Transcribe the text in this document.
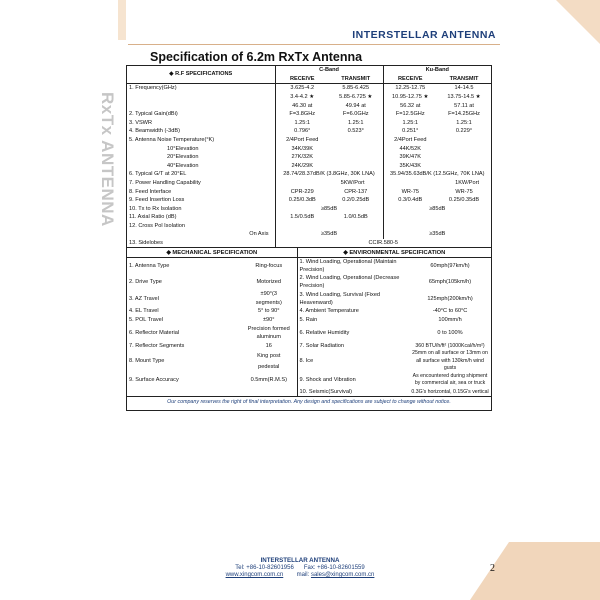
INTERSTELLAR ANTENNA
RxTx ANTENNA
Specification of 6.2m RxTx Antenna
◆ R.F SPECIFICATIONS	C-Band		Ku-Band	
	RECEIVE	TRANSMIT	RECEIVE	TRANSMIT
1. Frequency(GHz)	3.625-4.2	5.85-6.425	12.25-12.75	14-14.5
	3.4-4.2 ★	5.85-6.725 ★	10.95-12.75 ★	13.75-14.5 ★
	46.30 at	49.94 at	56.32 at	57.11 at
2. Typical Gain(dBi)	F=3.8GHz	F=6.0GHz	F=12.5GHz	F=14.25GHz
3. VSWR	1.25:1	1.25:1	1.25:1	1.25:1
4. Beamwidth (-3dB)	0.796°	0.523°	0.251°	0.229°
5. Antenna Noise Temperature(°K)	2/4Port Feed		2/4Port Feed	
10°Elevation	34K/39K		44K/52K	
20°Elevation	27K/32K		39K/47K	
40°Elevation	24K/29K		35K/43K	
6. Typical G/T at 20°EL	28.74/28.37dB/K (3.8GHz, 30K LNA)		35.94/35.63dB/K (12.5GHz, 70K LNA)	
7. Power Handling Capability	5KW/Port		1KW/Port	
8. Feed Interface	CPR-229	CPR-137	WR-75	WR-75
9. Feed Insertion Loss	0.25/0.3dB	0.2/0.25dB	0.3/0.4dB	0.25/0.35dB
10. Tx to Rx Isolation	≥85dB		≥85dB	
11. Axial Ratio (dB)	1.5/0.5dB	1.0/0.5dB		
12. Cross Pol Isolation				
On Axis	≥35dB		≥35dB	
13. Sidelobes	CCIR.580-5			
◆ MECHANICAL SPECIFICATION		◆ ENVIRONMENTAL SPECIFICATION	
1. Antenna Type	Ring-focus	1. Wind Loading, Operational (Maintain Precision)	60mph(97km/h)

2. Drive Type	Motorized	2. Wind Loading, Operational (Decrease Precision)	65mph(105km/h)

3. AZ Travel	±90°(3	3. Wind Loading, Survival (Fixed Heavenward)	125mph(200km/h)
	segments)		
4. EL Travel	5° to 90°	4. Ambient Temperature	-40°C to 60°C
5. POL Travel	±90°	5. Rain	100mm/h
6. Reflector Material	Precision formed	6. Relative Humidity	0 to 100%
	aluminum		
7. Reflector Segments	16	7. Solar Radiation	360 BTU/h/ft² (1000Kcal/h/m²)
8. Mount Type	King post	8. Ice	25mm on all surface or 13mm on all surface with 130km/h wind gusts
	pedestal		
9. Surface Accuracy	0.5mm(R.M.S)	9. Shock and Vibration	As encountered during shipment by commercial air, sea or truck

		10. Seismic(Survival)	0.3G's horizontal, 0.15G's vertical
Our company reserves the right of final interpretation. Any design and specifications are subject to change without notice.
INTERSTELLAR ANTENNA
Tel: +86-10-82601956 Fax: +86-10-82601559
www.xingcom.com.cn mail: sales@xingcom.com.cn
2
